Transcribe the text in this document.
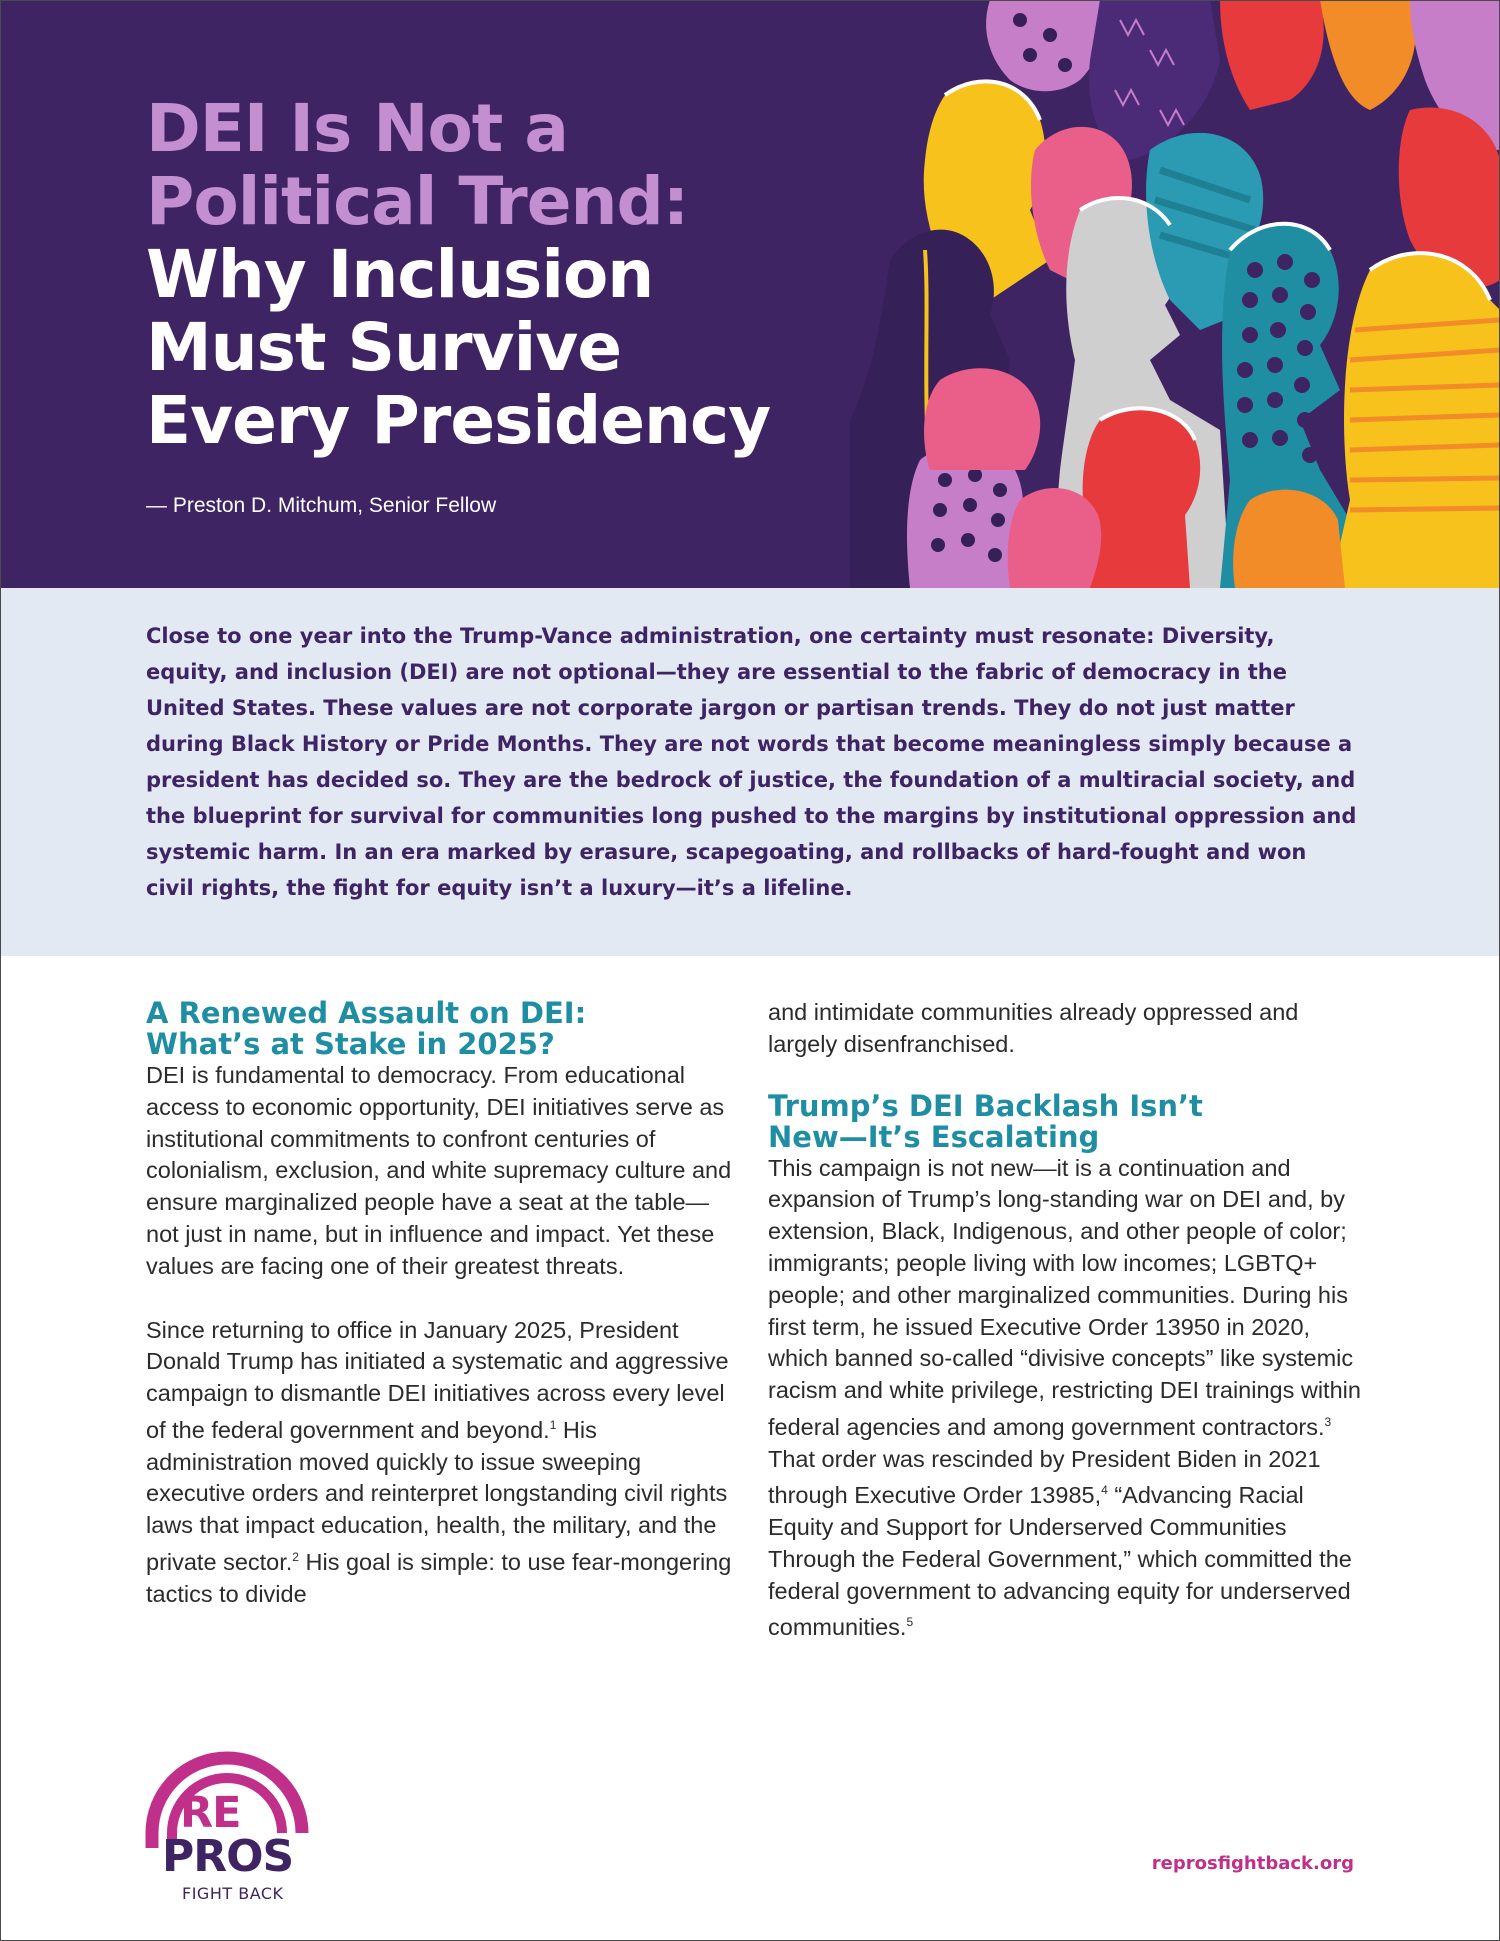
DEI Is Not a

Political Trend:

Why Inclusion

Must Survive

Every Presidency

— Preston D. Mitchum, Senior Fellow

Close to one year into the Trump-Vance administration, one certainty must resonate: Diversity, equity, and inclusion (DEI) are not optional—they are essential to the fabric of democracy in the United States. These values are not corporate jargon or partisan trends. They do not just matter during Black History or Pride Months. They are not words that become meaningless simply because a president has decided so. They are the bedrock of justice, the foundation of a multiracial society, and the blueprint for survival for communities long pushed to the margins by institutional oppression and systemic harm. In an era marked by erasure, scapegoating, and rollbacks of hard-fought and won civil rights, the fight for equity isn’t a luxury—it’s a lifeline.

A Renewed Assault on DEI:
What’s at Stake in 2025?

DEI is fundamental to democracy. From educational access to economic opportunity, DEI initiatives serve as institutional commitments to confront centuries of colonialism, exclusion, and white supremacy culture and ensure marginalized people have a seat at the table—not just in name, but in influence and impact. Yet these values are facing one of their greatest threats.

Since returning to office in January 2025, President Donald Trump has initiated a systematic and aggressive campaign to dismantle DEI initiatives across every level of the federal government and beyond.$^1$ His administration moved quickly to issue sweeping executive orders and reinterpret longstanding civil rights laws that impact education, health, the military, and the private sector.$^2$ His goal is simple: to use fear-mongering tactics to divide

and intimidate communities already oppressed and largely disenfranchised.

Trump’s DEI Backlash Isn’t
New—It’s Escalating

This campaign is not new—it is a continuation and expansion of Trump’s long-standing war on DEI and, by extension, Black, Indigenous, and other people of color; immigrants; people living with low incomes; LGBTQ+ people; and other marginalized communities. During his first term, he issued Executive Order 13950 in 2020, which banned so-called “divisive concepts” like systemic racism and white privilege, restricting DEI trainings within federal agencies and among government contractors.$^3$ That order was rescinded by President Biden in 2021 through Executive Order 13985,$^4$ “Advancing Racial Equity and Support for Underserved Communities Through the Federal Government,” which committed the federal government to advancing equity for underserved communities.$^5$

RE
PROS
FIGHT BACK
reprosfightback.org
